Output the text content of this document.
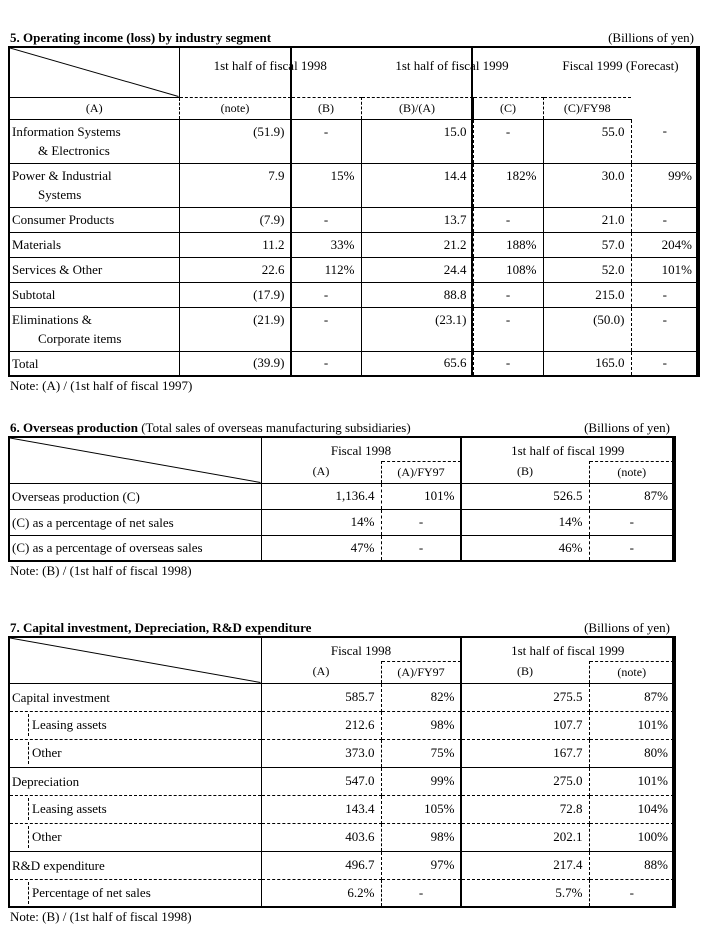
5. Operating income (loss) by industry segment	(Billions of yen)
	1st half of fiscal 1998		1st half of fiscal 1999		Fiscal 1999 (Forecast)	
(A)	(note)	(B)	(B)/(A)	(C)	(C)/FY98	

Information Systems
& Electronics	(51.9)	-	15.0	-	55.0	-

Power & Industrial
Systems	7.9	15%	14.4	182%	30.0	99%

Consumer Products	(7.9)	-	13.7	-	21.0	-

Materials	11.2	33%	21.2	188%	57.0	204%

Services & Other	22.6	112%	24.4	108%	52.0	101%

Subtotal	(17.9)	-	88.8	-	215.0	-

Eliminations &
Corporate items	(21.9)	-	(23.1)	-	(50.0)	-

Total	(39.9)	-	65.6	-	165.0	-
Note: (A) / (1st half of fiscal 1997)
6. Overseas production (Total sales of overseas manufacturing subsidiaries)	(Billions of yen)
	Fiscal 1998		1st half of fiscal 1999	
	(A)	(A)/FY97	(B)	(note)
Overseas production (C)	1,136.4	101%	526.5	87%
(C) as a percentage of net sales	14%	-	14%	-
(C) as a percentage of overseas sales	47%	-	46%	-
Note: (B) / (1st half of fiscal 1998)
7. Capital investment, Depreciation, R&D expenditure	(Billions of yen)
	Fiscal 1998		1st half of fiscal 1999	
	(A)	(A)/FY97	(B)	(note)
Capital investment	585.7	82%	275.5	87%

Leasing assets	212.6	98%	107.7	101%

Other	373.0	75%	167.7	80%
Depreciation	547.0	99%	275.0	101%

Leasing assets	143.4	105%	72.8	104%

Other	403.6	98%	202.1	100%
R&D expenditure	496.7	97%	217.4	88%

Percentage of net sales	6.2%	-	5.7%	-
Note: (B) / (1st half of fiscal 1998)
